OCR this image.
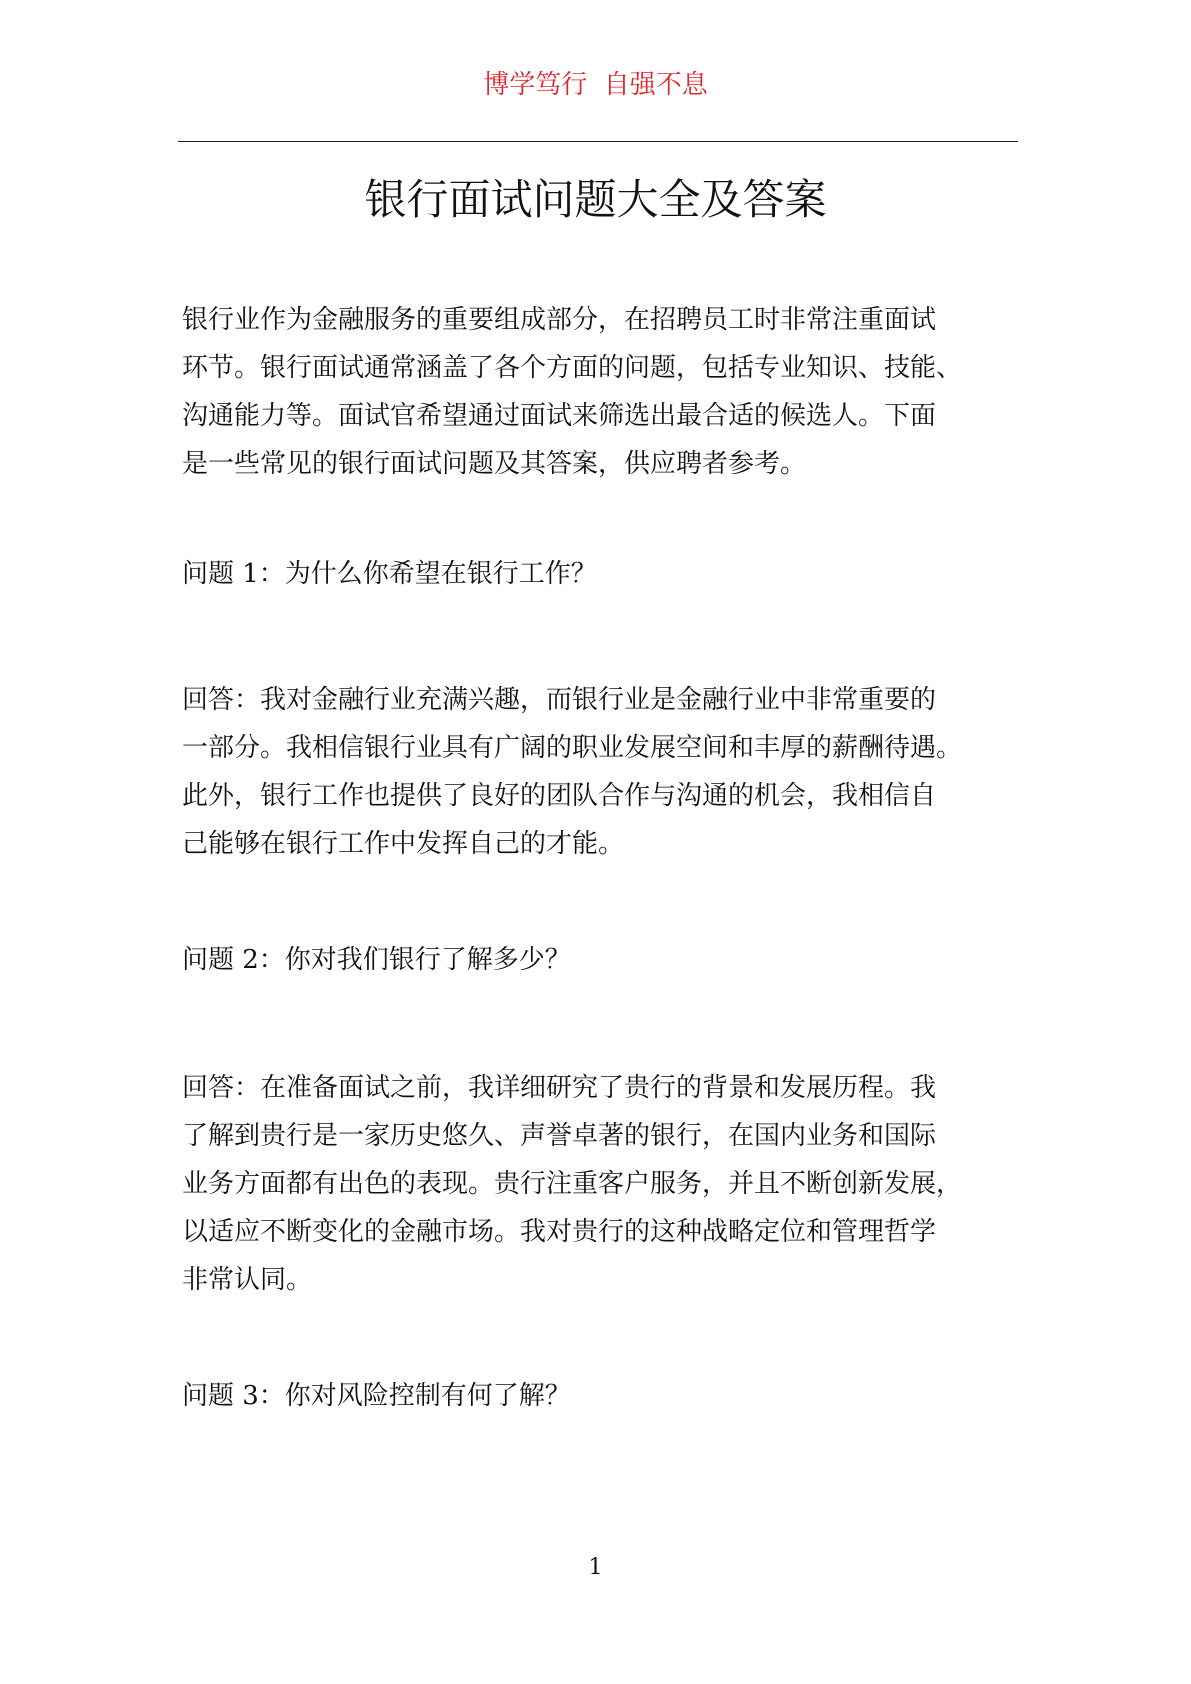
博学笃行  自强不息
银行面试问题大全及答案
银行业作为金融服务的重要组成部分，在招聘员工时非常注重面试
环节。银行面试通常涵盖了各个方面的问题，包括专业知识、技能、
沟通能力等。面试官希望通过面试来筛选出最合适的候选人。下面
是一些常见的银行面试问题及其答案，供应聘者参考。
问题 1：为什么你希望在银行工作？
回答：我对金融行业充满兴趣，而银行业是金融行业中非常重要的
一部分。我相信银行业具有广阔的职业发展空间和丰厚的薪酬待遇。
此外，银行工作也提供了良好的团队合作与沟通的机会，我相信自
己能够在银行工作中发挥自己的才能。
问题 2：你对我们银行了解多少？
回答：在准备面试之前，我详细研究了贵行的背景和发展历程。我
了解到贵行是一家历史悠久、声誉卓著的银行，在国内业务和国际
业务方面都有出色的表现。贵行注重客户服务，并且不断创新发展，
以适应不断变化的金融市场。我对贵行的这种战略定位和管理哲学
非常认同。
问题 3：你对风险控制有何了解？
1
